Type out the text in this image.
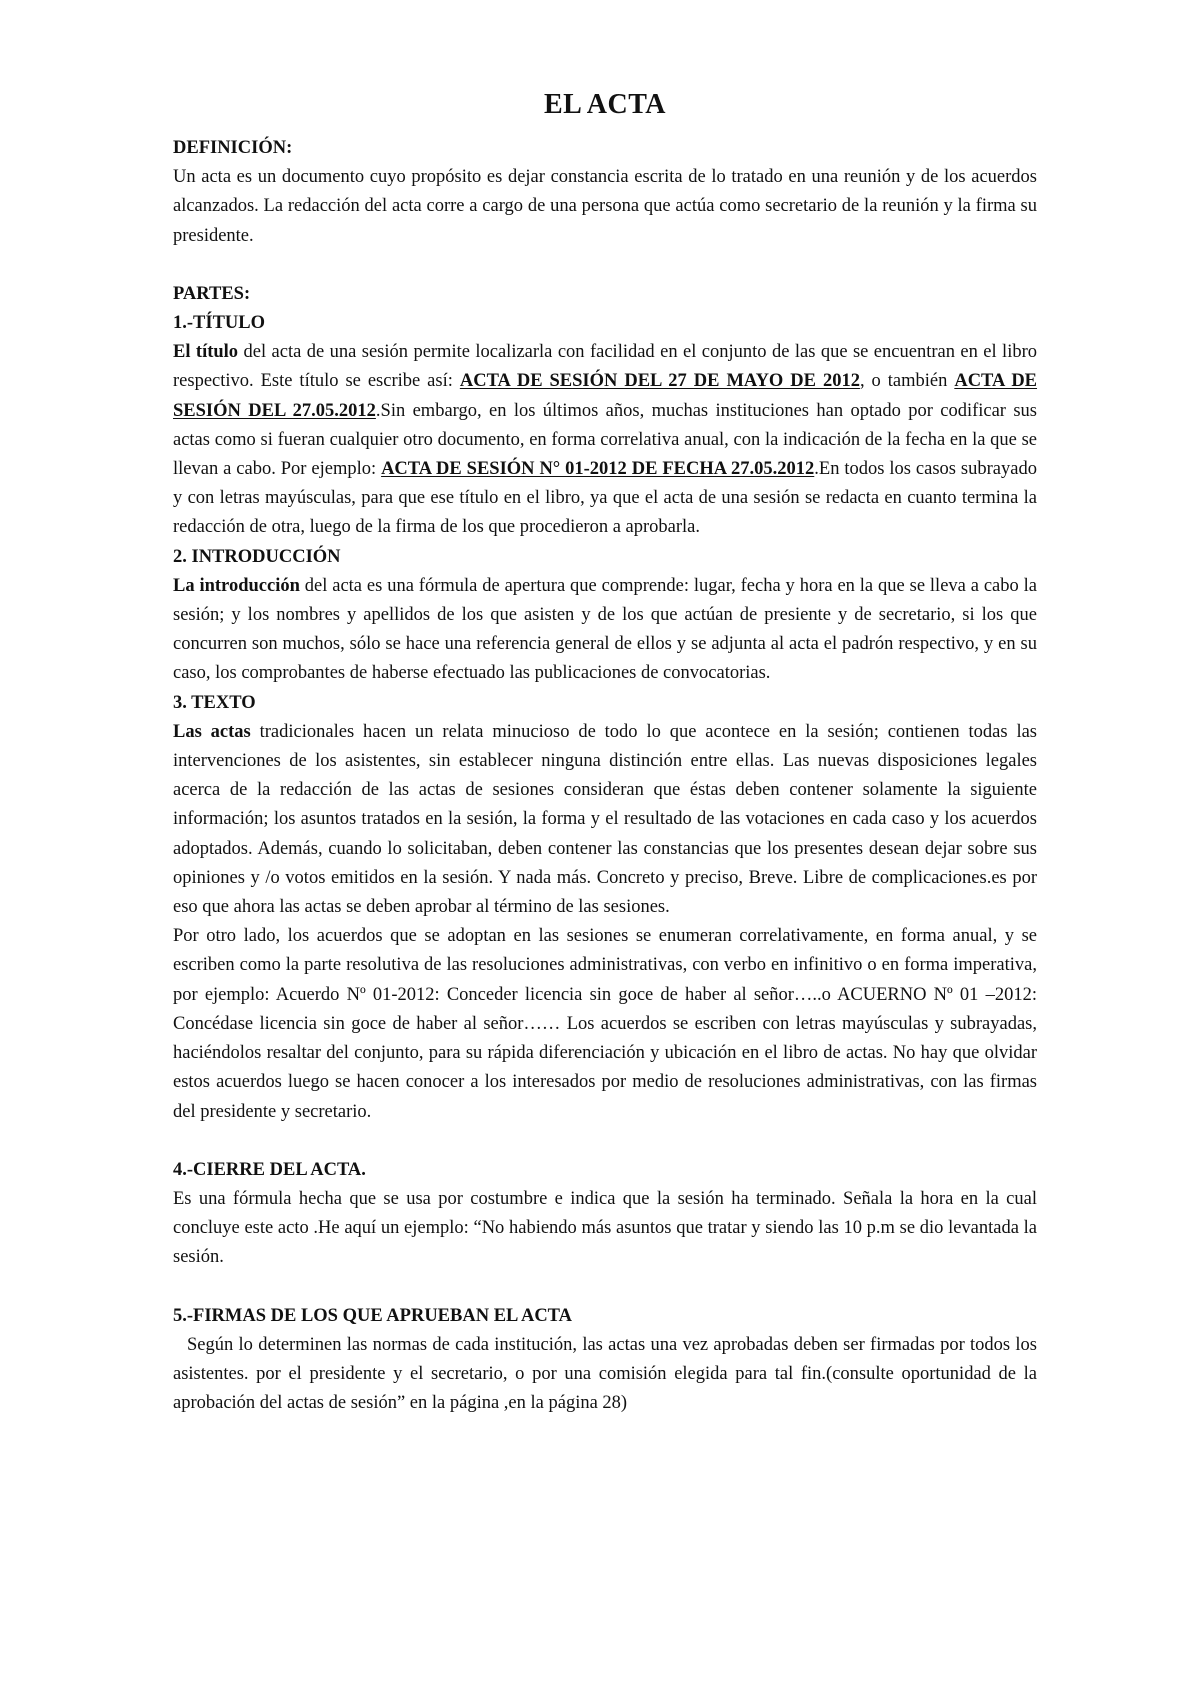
EL ACTA

DEFINICIÓN:

Un acta es un documento cuyo propósito es dejar constancia escrita de lo tratado en una reunión y de los acuerdos alcanzados. La redacción del acta corre a cargo de una persona que actúa como secretario de la reunión y la firma su presidente.

PARTES:

1.-TÍTULO

El título del acta de una sesión permite localizarla con facilidad en el conjunto de las que se encuentran en el libro respectivo. Este título se escribe así: ACTA DE SESIÓN DEL 27 DE MAYO DE 2012, o también ACTA DE SESIÓN DEL 27.05.2012.Sin embargo, en los últimos años, muchas instituciones han optado por codificar sus actas como si fueran cualquier otro documento, en forma correlativa anual, con la indicación de la fecha en la que se llevan a cabo. Por ejemplo: ACTA DE SESIÓN N° 01-2012 DE FECHA 27.05.2012.En todos los casos subrayado y con letras mayúsculas, para que ese título en el libro, ya que el acta de una sesión se redacta en cuanto termina la redacción de otra, luego de la firma de los que procedieron a aprobarla.

2. INTRODUCCIÓN

La introducción del acta es una fórmula de apertura que comprende: lugar, fecha y hora en la que se lleva a cabo la sesión; y los nombres y apellidos de los que asisten y de los que actúan de presiente y de secretario, si los que concurren son muchos, sólo se hace una referencia general de ellos y se adjunta al acta el padrón respectivo, y en su caso, los comprobantes de haberse efectuado las publicaciones de convocatorias.

3. TEXTO

Las actas tradicionales hacen un relata minucioso de todo lo que acontece en la sesión; contienen todas las intervenciones de los asistentes, sin establecer ninguna distinción entre ellas. Las nuevas disposiciones legales acerca de la redacción de las actas de sesiones consideran que éstas deben contener solamente la siguiente información; los asuntos tratados en la sesión, la forma y el resultado de las votaciones en cada caso y los acuerdos adoptados. Además, cuando lo solicitaban, deben contener las constancias que los presentes desean dejar sobre sus opiniones y /o votos emitidos en la sesión. Y nada más. Concreto y preciso, Breve. Libre de complicaciones.es por eso que ahora las actas se deben aprobar al término de las sesiones.

Por otro lado, los acuerdos que se adoptan en las sesiones se enumeran correlativamente, en forma anual, y se escriben como la parte resolutiva de las resoluciones administrativas, con verbo en infinitivo o en forma imperativa, por ejemplo: Acuerdo Nº 01-2012: Conceder licencia sin goce de haber al señor…..o ACUERNO Nº 01 –2012: Concédase licencia sin goce de haber al señor…… Los acuerdos se escriben con letras mayúsculas y subrayadas, haciéndolos resaltar del conjunto, para su rápida diferenciación y ubicación en el libro de actas. No hay que olvidar estos acuerdos luego se hacen conocer a los interesados por medio de resoluciones administrativas, con las firmas del presidente y secretario.

4.-CIERRE DEL ACTA.

Es una fórmula hecha que se usa por costumbre e indica que la sesión ha terminado. Señala la hora en la cual concluye este acto .He aquí un ejemplo: “No habiendo más asuntos que tratar y siendo las 10 p.m se dio levantada la sesión.

5.-FIRMAS DE LOS QUE APRUEBAN EL ACTA

Según lo determinen las normas de cada institución, las actas una vez aprobadas deben ser firmadas por todos los asistentes. por el presidente y el secretario, o por una comisión elegida para tal fin.(consulte oportunidad de la aprobación del actas de sesión” en la página ,en la página 28)
